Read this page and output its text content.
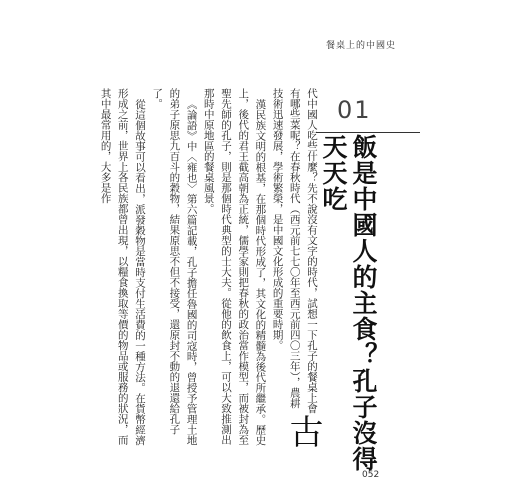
餐桌上的中國史
01
飯是中國人的主食？孔子沒得天天吃

古
代中國人吃些什麼？先不說沒有文字的時代，試想一下孔子的餐桌上會有哪些菜呢？在春秋時代（西元前七七〇年至西元前四〇三年），農耕技術迅速發展，學術繁榮，是中國文化形成的重要時期。

漢民族文明的根基，在那個時代形成了，其文化的精髓為後代所繼承。歷史上，後代的君王截高朝為正統，儒學家則把春秋的政治當作模型，而被封為至聖先師的孔子，則是那個時代典型的士大夫。從他的飲食上，可以大致推測出那時中原地區的餐桌風景。

《論語》中〈雍也〉第六篇記載，孔子擔任魯國的司寇時，曾授予管理土地的弟子原思九百斗的穀物，結果原思不但不接受，還原封不動的退還給孔子了。

從這個故事可以看出，派發穀物是當時支付生活費的一種方法。在貨幣經濟形成之前，世界上各民族都曾出現，以糧食換取等價的物品或服務的狀況，而其中最常用的，大多是作

052
